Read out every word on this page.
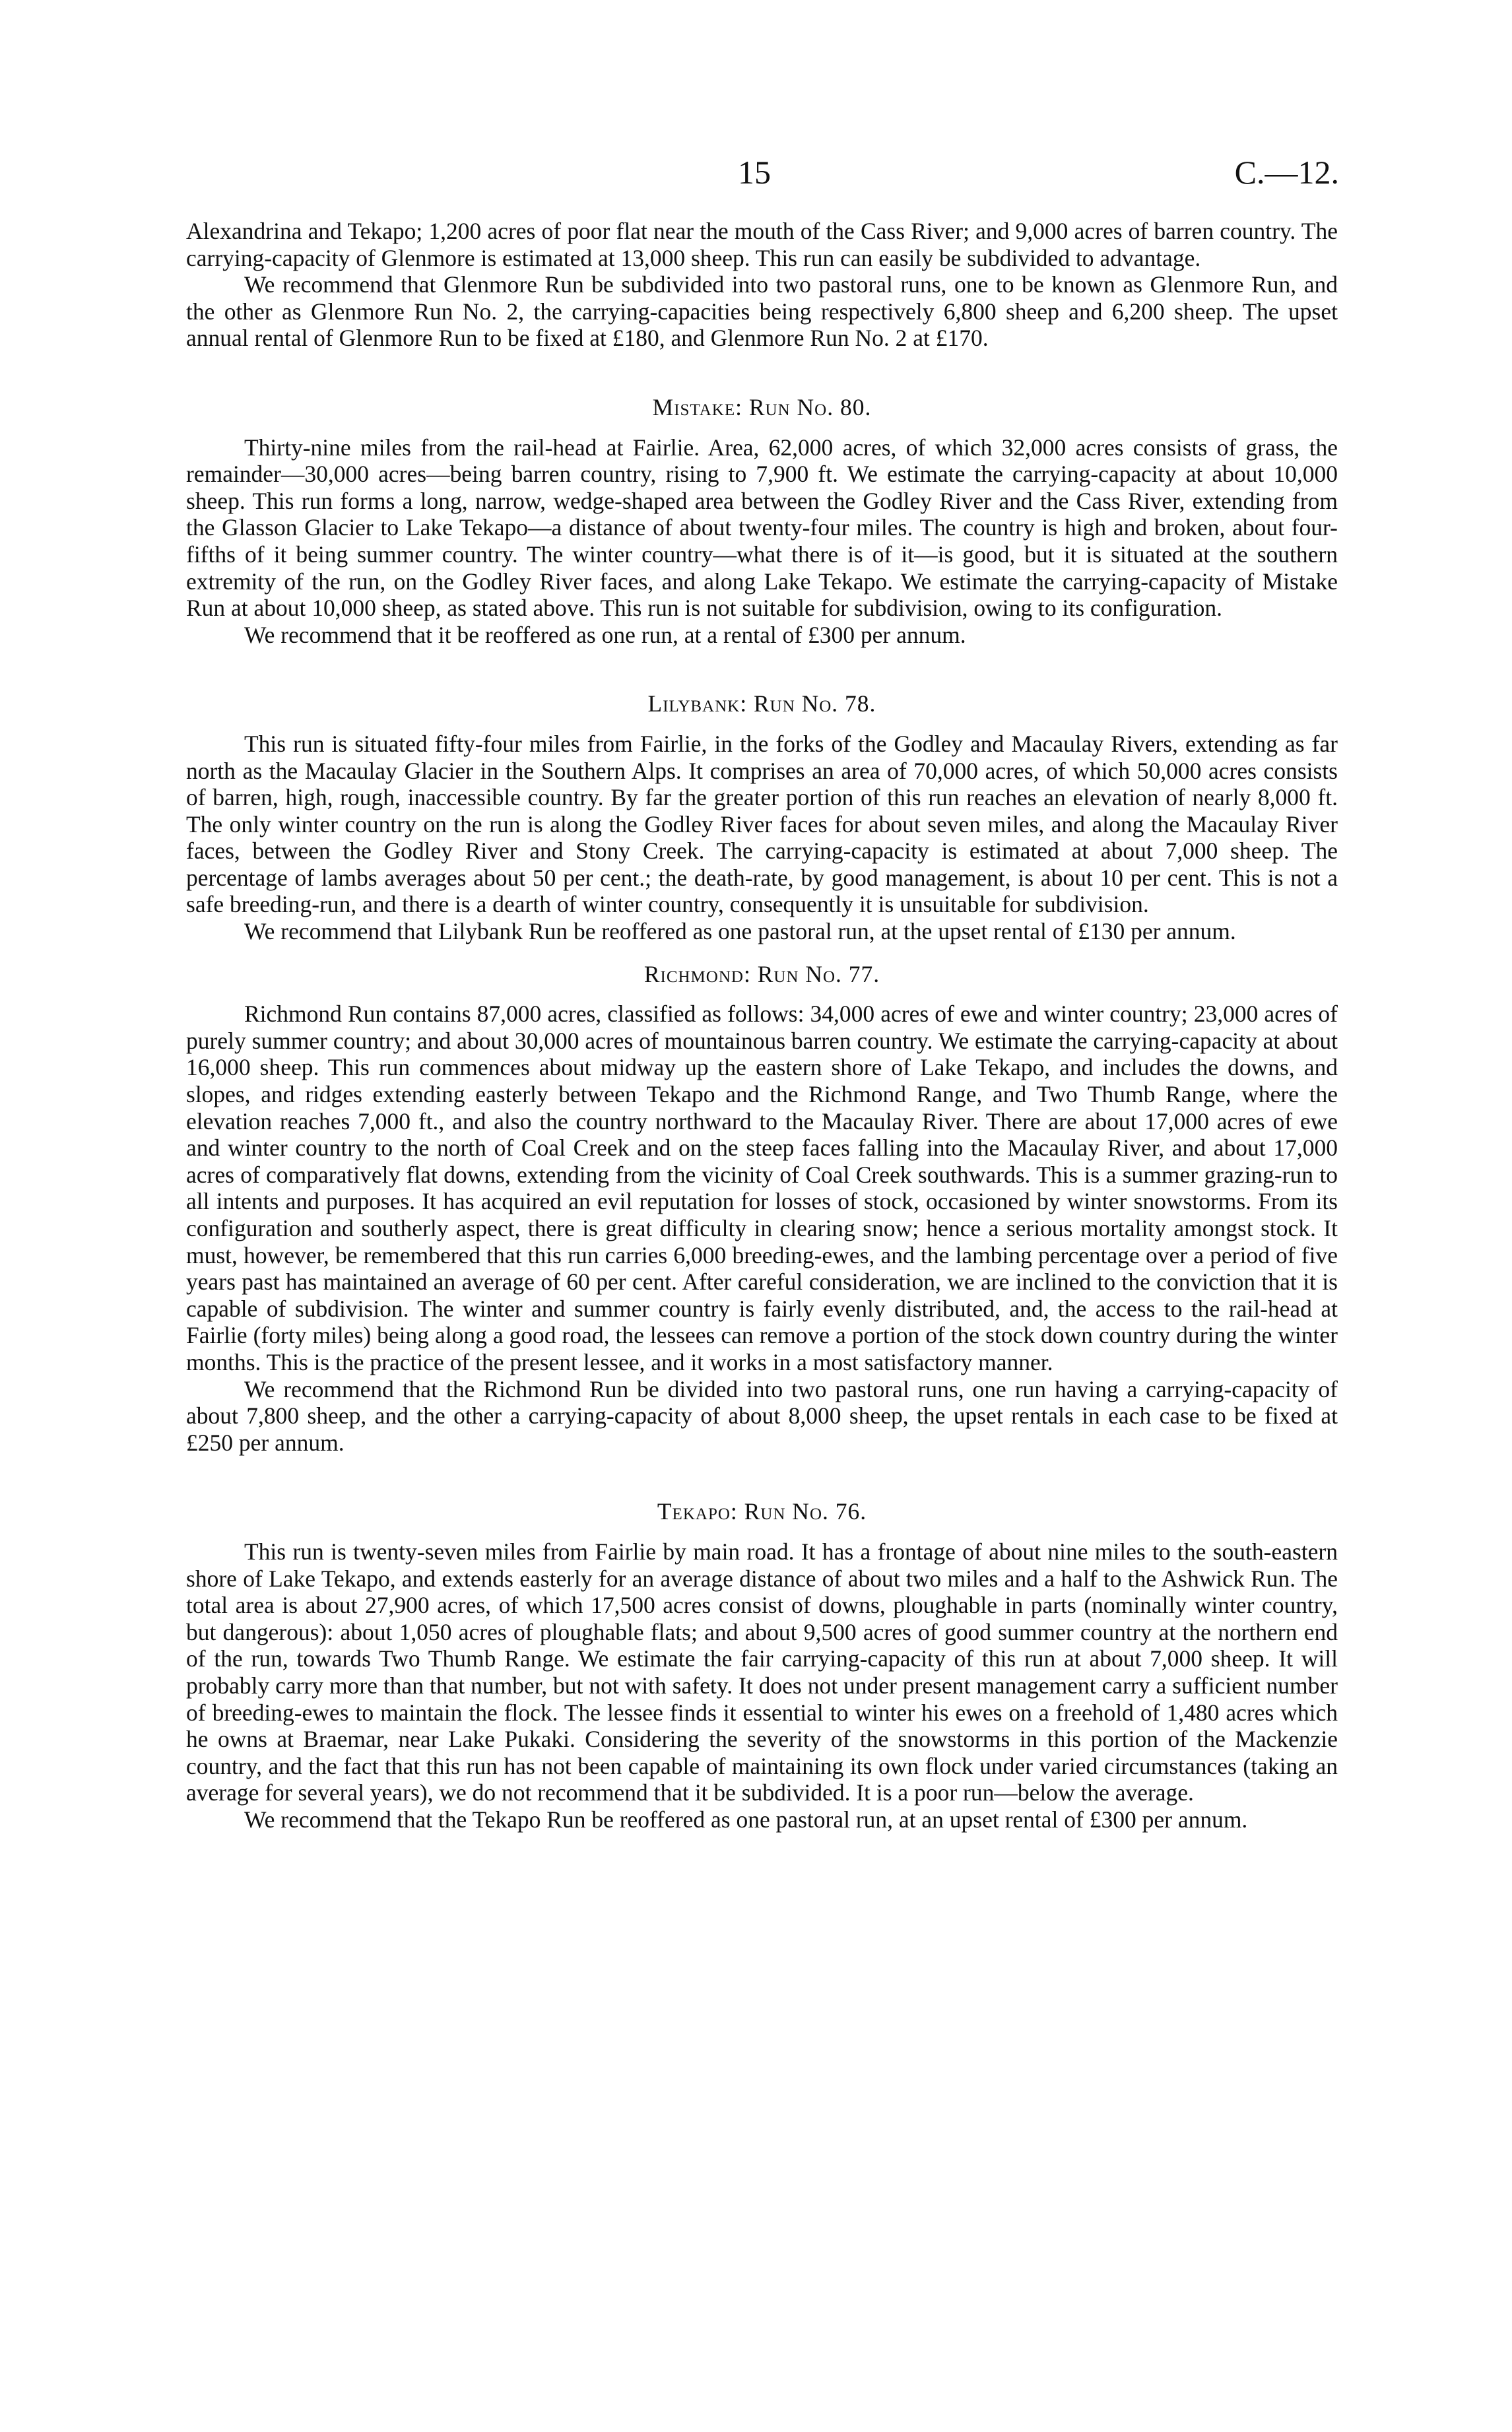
15	C.—12.

Alexandrina and Tekapo; 1,200 acres of poor flat near the mouth of the Cass River; and 9,000 acres of barren country. The carrying-capacity of Glenmore is estimated at 13,000 sheep. This run can easily be subdivided to advantage.

We recommend that Glenmore Run be subdivided into two pastoral runs, one to be known as Glenmore Run, and the other as Glenmore Run No. 2, the carrying-capacities being respectively 6,800 sheep and 6,200 sheep. The upset annual rental of Glenmore Run to be fixed at £180, and Glenmore Run No. 2 at £170.

Mistake: Run No. 80.

Thirty-nine miles from the rail-head at Fairlie. Area, 62,000 acres, of which 32,000 acres consists of grass, the remainder—30,000 acres—being barren country, rising to 7,900 ft. We estimate the carrying-capacity at about 10,000 sheep. This run forms a long, narrow, wedge-shaped area between the Godley River and the Cass River, extending from the Glasson Glacier to Lake Tekapo—a distance of about twenty-four miles. The country is high and broken, about four-fifths of it being summer country. The winter country—what there is of it—is good, but it is situated at the southern extremity of the run, on the Godley River faces, and along Lake Tekapo. We estimate the carrying-capacity of Mistake Run at about 10,000 sheep, as stated above. This run is not suitable for subdivision, owing to its configuration.

We recommend that it be reoffered as one run, at a rental of £300 per annum.

Lilybank: Run No. 78.

This run is situated fifty-four miles from Fairlie, in the forks of the Godley and Macaulay Rivers, extending as far north as the Macaulay Glacier in the Southern Alps. It comprises an area of 70,000 acres, of which 50,000 acres consists of barren, high, rough, inaccessible country. By far the greater portion of this run reaches an elevation of nearly 8,000 ft. The only winter country on the run is along the Godley River faces for about seven miles, and along the Macaulay River faces, between the Godley River and Stony Creek. The carrying-capacity is estimated at about 7,000 sheep. The percentage of lambs averages about 50 per cent.; the death-rate, by good management, is about 10 per cent. This is not a safe breeding-run, and there is a dearth of winter country, consequently it is unsuitable for subdivision.

We recommend that Lilybank Run be reoffered as one pastoral run, at the upset rental of £130 per annum.

Richmond: Run No. 77.

Richmond Run contains 87,000 acres, classified as follows: 34,000 acres of ewe and winter country; 23,000 acres of purely summer country; and about 30,000 acres of mountainous barren country. We estimate the carrying-capacity at about 16,000 sheep. This run commences about midway up the eastern shore of Lake Tekapo, and includes the downs, and slopes, and ridges extending easterly between Tekapo and the Richmond Range, and Two Thumb Range, where the elevation reaches 7,000 ft., and also the country northward to the Macaulay River. There are about 17,000 acres of ewe and winter country to the north of Coal Creek and on the steep faces falling into the Macaulay River, and about 17,000 acres of comparatively flat downs, extending from the vicinity of Coal Creek southwards. This is a summer grazing-run to all intents and purposes. It has acquired an evil reputation for losses of stock, occasioned by winter snowstorms. From its configuration and southerly aspect, there is great difficulty in clearing snow; hence a serious mortality amongst stock. It must, however, be remembered that this run carries 6,000 breeding-ewes, and the lambing percentage over a period of five years past has maintained an average of 60 per cent. After careful consideration, we are inclined to the conviction that it is capable of subdivision. The winter and summer country is fairly evenly distributed, and, the access to the rail-head at Fairlie (forty miles) being along a good road, the lessees can remove a portion of the stock down country during the winter months. This is the practice of the present lessee, and it works in a most satisfactory manner.

We recommend that the Richmond Run be divided into two pastoral runs, one run having a carrying-capacity of about 7,800 sheep, and the other a carrying-capacity of about 8,000 sheep, the upset rentals in each case to be fixed at £250 per annum.

Tekapo: Run No. 76.

This run is twenty-seven miles from Fairlie by main road. It has a frontage of about nine miles to the south-eastern shore of Lake Tekapo, and extends easterly for an average distance of about two miles and a half to the Ashwick Run. The total area is about 27,900 acres, of which 17,500 acres consist of downs, ploughable in parts (nominally winter country, but dangerous): about 1,050 acres of ploughable flats; and about 9,500 acres of good summer country at the northern end of the run, towards Two Thumb Range. We estimate the fair carrying-capacity of this run at about 7,000 sheep. It will probably carry more than that number, but not with safety. It does not under present management carry a sufficient number of breeding-ewes to maintain the flock. The lessee finds it essential to winter his ewes on a freehold of 1,480 acres which he owns at Braemar, near Lake Pukaki. Considering the severity of the snowstorms in this portion of the Mackenzie country, and the fact that this run has not been capable of maintaining its own flock under varied circumstances (taking an average for several years), we do not recommend that it be subdivided. It is a poor run—below the average.

We recommend that the Tekapo Run be reoffered as one pastoral run, at an upset rental of £300 per annum.
